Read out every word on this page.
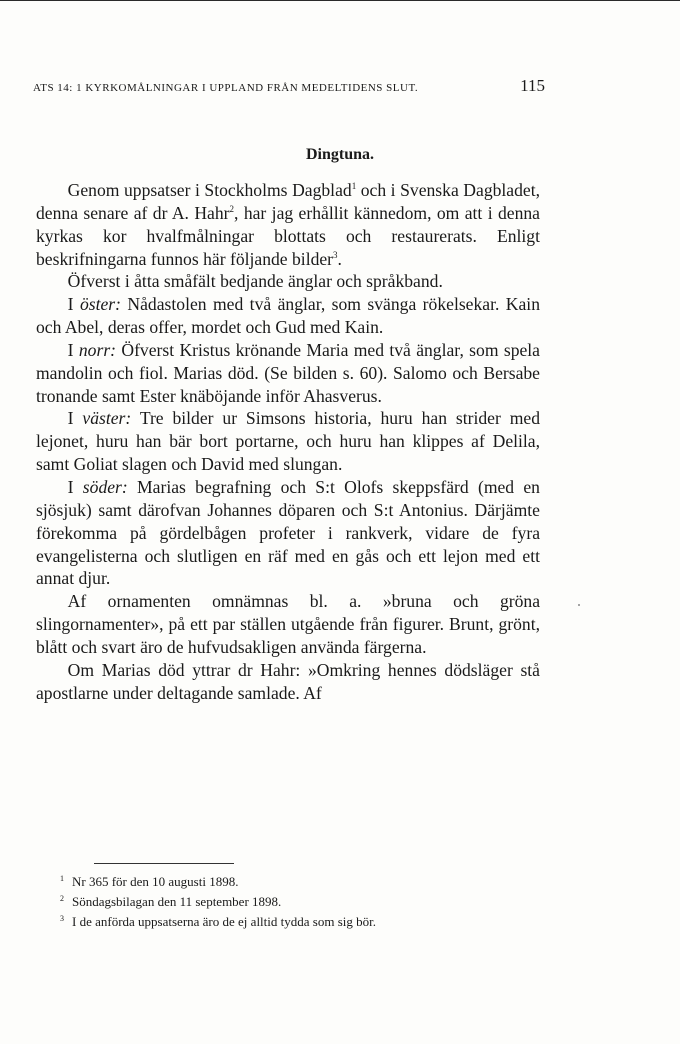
ATS 14: 1 KYRKOMÅLNINGAR I UPPLAND FRÅN MEDELTIDENS SLUT.	115
Dingtuna.

Genom uppsatser i Stockholms Dagblad$^1$ och i Svenska Dagbladet, denna senare af dr A. Hahr$^2$, har jag erhållit kännedom, om att i denna kyrkas kor hvalfmålningar blottats och restaurerats. Enligt beskrifningarna funnos här följande bilder$^3$.

Öfverst i åtta småfält bedjande änglar och språkband.

I öster: Nådastolen med två änglar, som svänga rökelsekar. Kain och Abel, deras offer, mordet och Gud med Kain.

I norr: Öfverst Kristus krönande Maria med två änglar, som spela mandolin och fiol. Marias död. (Se bilden s. 60). Salomo och Bersabe tronande samt Ester knäböjande inför Ahasverus.

I väster: Tre bilder ur Simsons historia, huru han strider med lejonet, huru han bär bort portarne, och huru han klippes af Delila, samt Goliat slagen och David med slungan.

I söder: Marias begrafning och S:t Olofs skeppsfärd (med en sjösjuk) samt därofvan Johannes döparen och S:t Antonius. Därjämte förekomma på gördelbågen profeter i rankverk, vidare de fyra evangelisterna och slutligen en räf med en gås och ett lejon med ett annat djur.

Af ornamenten omnämnas bl. a. »bruna och gröna slingornamenter», på ett par ställen utgående från figurer. Brunt, grönt, blått och svart äro de hufvudsakligen använda färgerna.

Om Marias död yttrar dr Hahr: »Omkring hennes dödsläger stå apostlarne under deltagande samlade. Af

$^1$ Nr 365 för den 10 augusti 1898.
$^2$ Söndagsbilagan den 11 september 1898.
$^3$ I de anförda uppsatserna äro de ej alltid tydda som sig bör.
